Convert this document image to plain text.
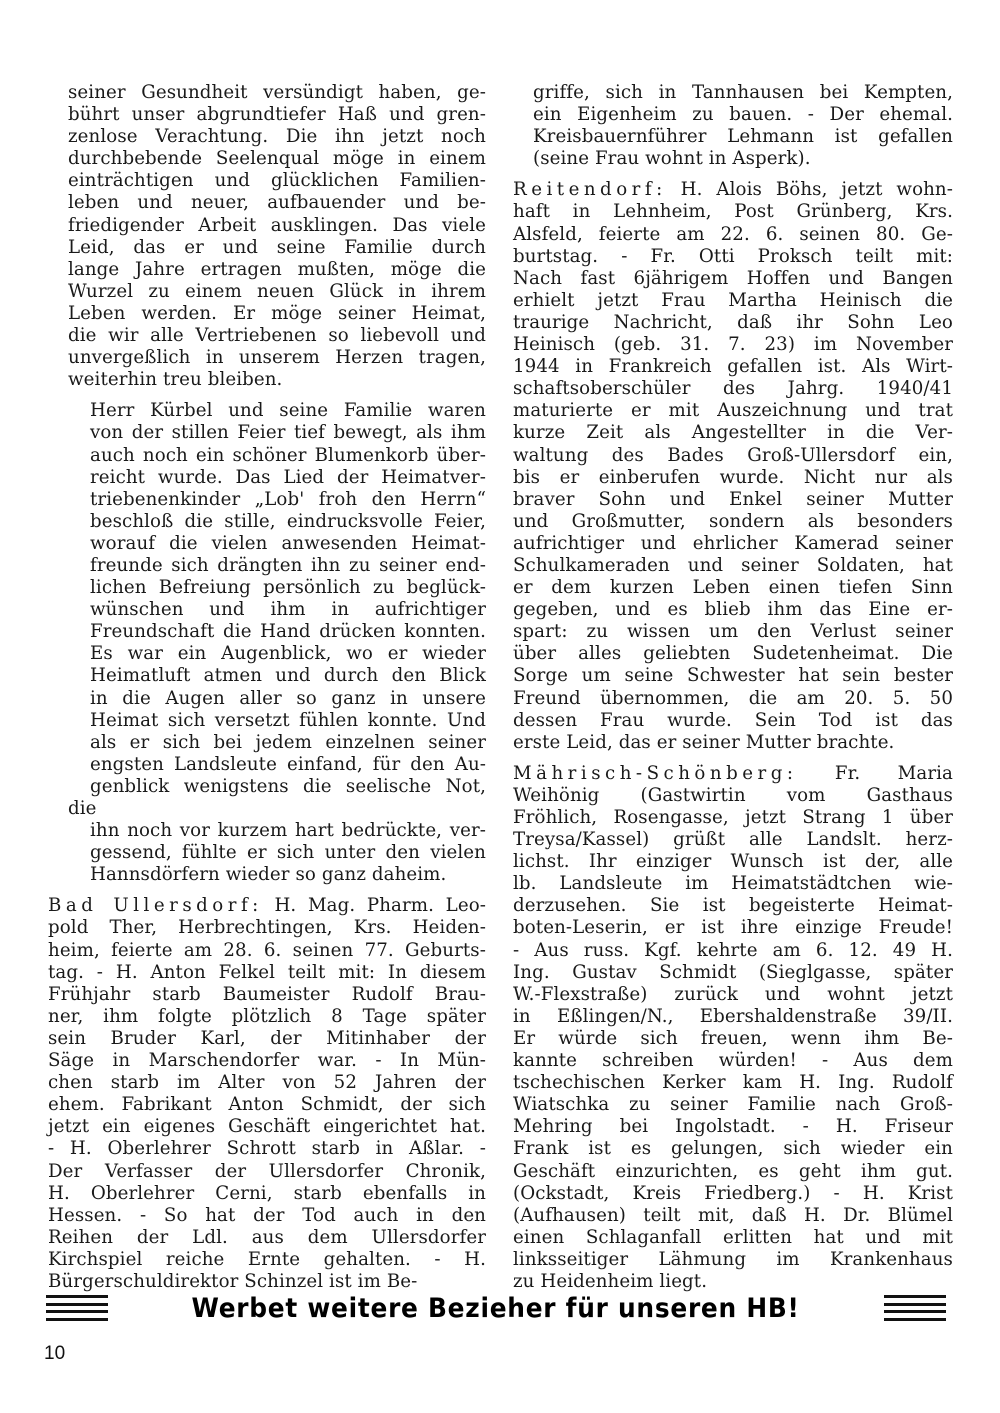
seiner Gesundheit versündigt haben, ge-
bührt unser abgrundtiefer Haß und gren-
zenlose Verachtung. Die ihn jetzt noch
durchbebende Seelenqual möge in einem
einträchtigen und glücklichen Familien-
leben und neuer, aufbauender und be-
friedigender Arbeit ausklingen. Das viele
Leid, das er und seine Familie durch
lange Jahre ertragen mußten, möge die
Wurzel zu einem neuen Glück in ihrem
Leben werden. Er möge seiner Heimat,
die wir alle Vertriebenen so liebevoll und
unvergeßlich in unserem Herzen tragen,
weiterhin treu bleiben.
Herr Kürbel und seine Familie waren
von der stillen Feier tief bewegt, als ihm
auch noch ein schöner Blumenkorb über-
reicht wurde. Das Lied der Heimatver-
triebenenkinder „Lob' froh den Herrn“
beschloß die stille, eindrucksvolle Feier,
worauf die vielen anwesenden Heimat-
freunde sich drängten ihn zu seiner end-
lichen Befreiung persönlich zu beglück-
wünschen und ihm in aufrichtiger
Freundschaft die Hand drücken konnten.
Es war ein Augenblick, wo er wieder
Heimatluft atmen und durch den Blick
in die Augen aller so ganz in unsere
Heimat sich versetzt fühlen konnte. Und
als er sich bei jedem einzelnen seiner
engsten Landsleute einfand, für den Au-
genblick wenigstens die seelische Not, die
ihn noch vor kurzem hart bedrückte, ver-
gessend, fühlte er sich unter den vielen
Hannsdörfern wieder so ganz daheim.
Bad Ullersdorf: H. Mag. Pharm. Leo-
pold Ther, Herbrechtingen, Krs. Heiden-
heim, feierte am 28. 6. seinen 77. Geburts-
tag. - H. Anton Felkel teilt mit: In diesem
Frühjahr starb Baumeister Rudolf Brau-
ner, ihm folgte plötzlich 8 Tage später
sein Bruder Karl, der Mitinhaber der
Säge in Marschendorfer war. - In Mün-
chen starb im Alter von 52 Jahren der
ehem. Fabrikant Anton Schmidt, der sich
jetzt ein eigenes Geschäft eingerichtet hat.
- H. Oberlehrer Schrott starb in Aßlar. -
Der Verfasser der Ullersdorfer Chronik,
H. Oberlehrer Cerni, starb ebenfalls in
Hessen. - So hat der Tod auch in den
Reihen der Ldl. aus dem Ullersdorfer
Kirchspiel reiche Ernte gehalten. - H.
Bürgerschuldirektor Schinzel ist im Be-
griffe, sich in Tannhausen bei Kempten,
ein Eigenheim zu bauen. - Der ehemal.
Kreisbauernführer Lehmann ist gefallen
(seine Frau wohnt in Asperk).
Reitendorf: H. Alois Böhs, jetzt wohn-
haft in Lehnheim, Post Grünberg, Krs.
Alsfeld, feierte am 22. 6. seinen 80. Ge-
burtstag. - Fr. Otti Proksch teilt mit:
Nach fast 6jährigem Hoffen und Bangen
erhielt jetzt Frau Martha Heinisch die
traurige Nachricht, daß ihr Sohn Leo
Heinisch (geb. 31. 7. 23) im November
1944 in Frankreich gefallen ist. Als Wirt-
schaftsoberschüler des Jahrg. 1940/41
maturierte er mit Auszeichnung und trat
kurze Zeit als Angestellter in die Ver-
waltung des Bades Groß-Ullersdorf ein,
bis er einberufen wurde. Nicht nur als
braver Sohn und Enkel seiner Mutter
und Großmutter, sondern als besonders
aufrichtiger und ehrlicher Kamerad seiner
Schulkameraden und seiner Soldaten, hat
er dem kurzen Leben einen tiefen Sinn
gegeben, und es blieb ihm das Eine er-
spart: zu wissen um den Verlust seiner
über alles geliebten Sudetenheimat. Die
Sorge um seine Schwester hat sein bester
Freund übernommen, die am 20. 5. 50
dessen Frau wurde. Sein Tod ist das
erste Leid, das er seiner Mutter brachte.
Mährisch-Schönberg: Fr. Maria
Weihönig (Gastwirtin vom Gasthaus
Fröhlich, Rosengasse, jetzt Strang 1 über
Treysa/Kassel) grüßt alle Landslt. herz-
lichst. Ihr einziger Wunsch ist der, alle
lb. Landsleute im Heimatstädtchen wie-
derzusehen. Sie ist begeisterte Heimat-
boten-Leserin, er ist ihre einzige Freude!
- Aus russ. Kgf. kehrte am 6. 12. 49 H.
Ing. Gustav Schmidt (Sieglgasse, später
W.-Flexstraße) zurück und wohnt jetzt
in Eßlingen/N., Ebershaldenstraße 39/II.
Er würde sich freuen, wenn ihm Be-
kannte schreiben würden! - Aus dem
tschechischen Kerker kam H. Ing. Rudolf
Wiatschka zu seiner Familie nach Groß-
Mehring bei Ingolstadt. - H. Friseur
Frank ist es gelungen, sich wieder ein
Geschäft einzurichten, es geht ihm gut.
(Ockstadt, Kreis Friedberg.) - H. Krist
(Aufhausen) teilt mit, daß H. Dr. Blümel
einen Schlaganfall erlitten hat und mit
linksseitiger Lähmung im Krankenhaus
zu Heidenheim liegt.
Werbet weitere Bezieher für unseren HB!
10
